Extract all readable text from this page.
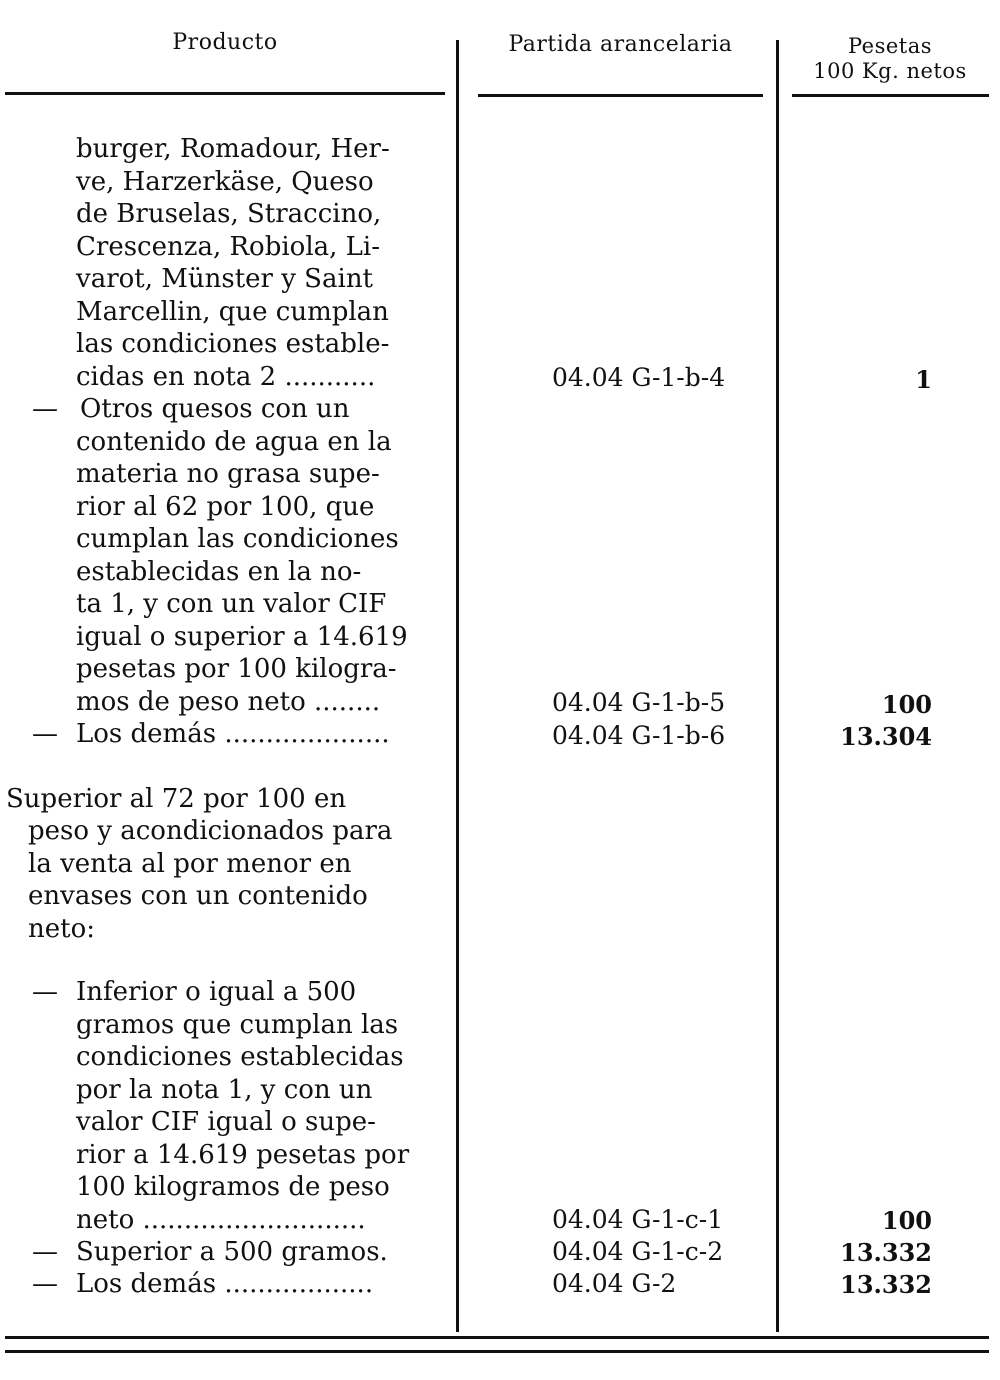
Producto	Partida arancelaria	Pesetas
100 Kg. netos
burger, Romadour, Her-
ve, Harzerkäse, Queso
de Bruselas, Straccino,
Crescenza, Robiola, Li-
varot, Münster y Saint
Marcellin, que cumplan
las condiciones estable-
cidas en nota 2 ...........	04.04 G-1-b-4	1
— Otros quesos con un
contenido de agua en la
materia no grasa supe-
rior al 62 por 100, que
cumplan las condiciones
establecidas en la no-
ta 1, y con un valor CIF
igual o superior a 14.619
pesetas por 100 kilogra-
mos de peso neto ........	04.04 G-1-b-5	100
— Los demás ....................	04.04 G-1-b-6	13.304
Superior al 72 por 100 en
peso y acondicionados para
la venta al por menor en
envases con un contenido
neto:
— Inferior o igual a 500
gramos que cumplan las
condiciones establecidas
por la nota 1, y con un
valor CIF igual o supe-
rior a 14.619 pesetas por
100 kilogramos de peso
neto ...........................	04.04 G-1-c-1	100
— Superior a 500 gramos.	04.04 G-1-c-2	13.332
— Los demás ..................	04.04 G-2	13.332
